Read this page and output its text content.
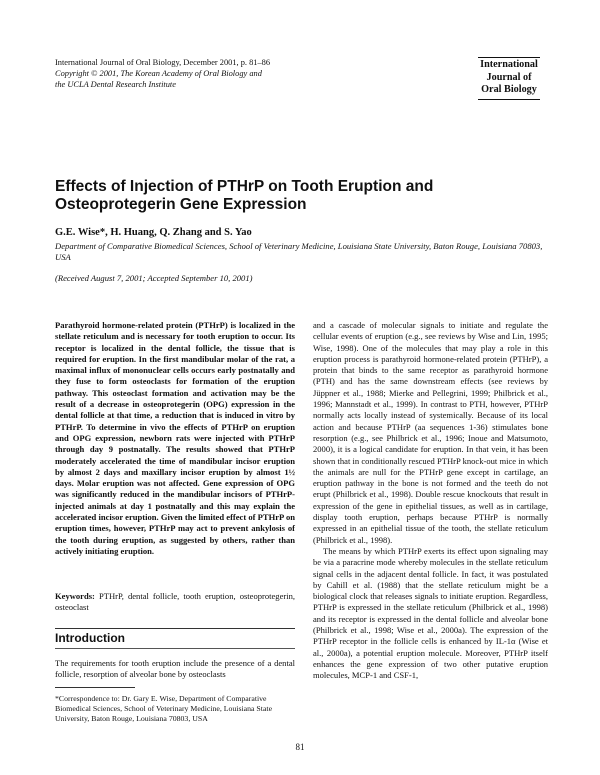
International Journal of Oral Biology, December 2001, p. 81–86
Copyright © 2001, The Korean Academy of Oral Biology and
the UCLA Dental Research Institute
International
Journal of
Oral Biology
Effects of Injection of PTHrP on Tooth Eruption and Osteoprotegerin Gene Expression
G.E. Wise*, H. Huang, Q. Zhang and S. Yao
Department of Comparative Biomedical Sciences, School of Veterinary Medicine, Louisiana State University, Baton Rouge, Louisiana 70803, USA
(Received August 7, 2001; Accepted September 10, 2001)

Parathyroid hormone-related protein (PTHrP) is localized in the stellate reticulum and is necessary for tooth eruption to occur. Its receptor is localized in the dental follicle, the tissue that is required for eruption. In the first mandibular molar of the rat, a maximal influx of mononuclear cells occurs early postnatally and they fuse to form osteoclasts for formation of the eruption pathway. This osteoclast formation and activation may be the result of a decrease in osteoprotegerin (OPG) expression in the dental follicle at that time, a reduction that is induced in vitro by PTHrP. To determine in vivo the effects of PTHrP on eruption and OPG expression, newborn rats were injected with PTHrP through day 9 postnatally. The results showed that PTHrP moderately accelerated the time of mandibular incisor eruption by almost 2 days and maxillary incisor eruption by almost 1½ days. Molar eruption was not affected. Gene expression of OPG was significantly reduced in the mandibular incisors of PTHrP-injected animals at day 1 postnatally and this may explain the accelerated incisor eruption. Given the limited effect of PTHrP on eruption times, however, PTHrP may act to prevent ankylosis of the tooth during eruption, as suggested by others, rather than actively initiating eruption.

Keywords: PTHrP, dental follicle, tooth eruption, osteoprotegerin, osteoclast
Introduction
The requirements for tooth eruption include the presence of a dental follicle, resorption of alveolar bone by osteoclasts
*Correspondence to: Dr. Gary E. Wise, Department of Comparative Biomedical Sciences, School of Veterinary Medicine, Louisiana State University, Baton Rouge, Louisiana 70803, USA

and a cascade of molecular signals to initiate and regulate the cellular events of eruption (e.g., see reviews by Wise and Lin, 1995; Wise, 1998). One of the molecules that may play a role in this eruption process is parathyroid hormone-related protein (PTHrP), a protein that binds to the same receptor as parathyroid hormone (PTH) and has the same downstream effects (see reviews by Jüppner et al., 1988; Mierke and Pellegrini, 1999; Philbrick et al., 1996; Mannstadt et al., 1999). In contrast to PTH, however, PTHrP normally acts locally instead of systemically. Because of its local action and because PTHrP (aa sequences 1-36) stimulates bone resorption (e.g., see Philbrick et al., 1996; Inoue and Matsumoto, 2000), it is a logical candidate for eruption. In that vein, it has been shown that in conditionally rescued PTHrP knock-out mice in which the animals are null for the PTHrP gene except in cartilage, an eruption pathway in the bone is not formed and the teeth do not erupt (Philbrick et al., 1998). Double rescue knockouts that result in expression of the gene in epithelial tissues, as well as in cartilage, display tooth eruption, perhaps because PTHrP is normally expressed in an epithelial tissue of the tooth, the stellate reticulum (Philbrick et al., 1998).

The means by which PTHrP exerts its effect upon signaling may be via a paracrine mode whereby molecules in the stellate reticulum signal cells in the adjacent dental follicle. In fact, it was postulated by Cahill et al. (1988) that the stellate reticulum might be a biological clock that releases signals to initiate eruption. Regardless, PTHrP is expressed in the stellate reticulum (Philbrick et al., 1998) and its receptor is expressed in the dental follicle and alveolar bone (Philbrick et al., 1998; Wise et al., 2000a). The expression of the PTHrP receptor in the follicle cells is enhanced by IL-1α (Wise et al., 2000a), a potential eruption molecule. Moreover, PTHrP itself enhances the gene expression of two other putative eruption molecules, MCP-1 and CSF-1,

81
